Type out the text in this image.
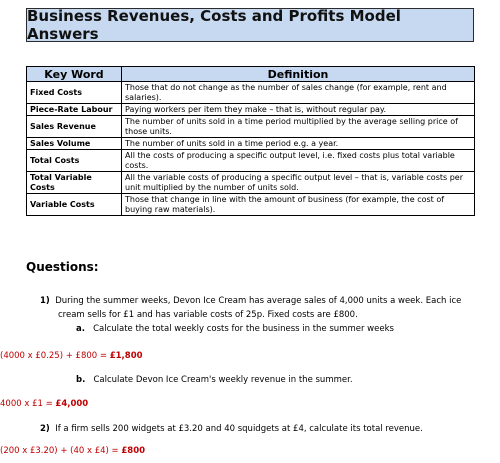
Business Revenues, Costs and Profits Model Answers
Key Word	Definition
Fixed Costs	Those that do not change as the number of sales change (for example, rent and salaries).
Piece-Rate Labour	Paying workers per item they make – that is, without regular pay.
Sales Revenue	The number of units sold in a time period multiplied by the average selling price of those units.
Sales Volume	The number of units sold in a time period e.g. a year.
Total Costs	All the costs of producing a specific output level, i.e. fixed costs plus total variable costs.
Total Variable Costs	All the variable costs of producing a specific output level – that is, variable costs per unit multiplied by the number of units sold.
Variable Costs	Those that change in line with the amount of business (for example, the cost of buying raw materials).
Questions:
1) During the summer weeks, Devon Ice Cream has average sales of 4,000 units a week. Each ice
cream sells for £1 and has variable costs of 25p. Fixed costs are £800.
a. Calculate the total weekly costs for the business in the summer weeks
(4000 x £0.25) + £800 = £1,800
b. Calculate Devon Ice Cream's weekly revenue in the summer.
4000 x £1 = £4,000
2) If a firm sells 200 widgets at £3.20 and 40 squidgets at £4, calculate its total revenue.
(200 x £3.20) + (40 x £4) = £800
